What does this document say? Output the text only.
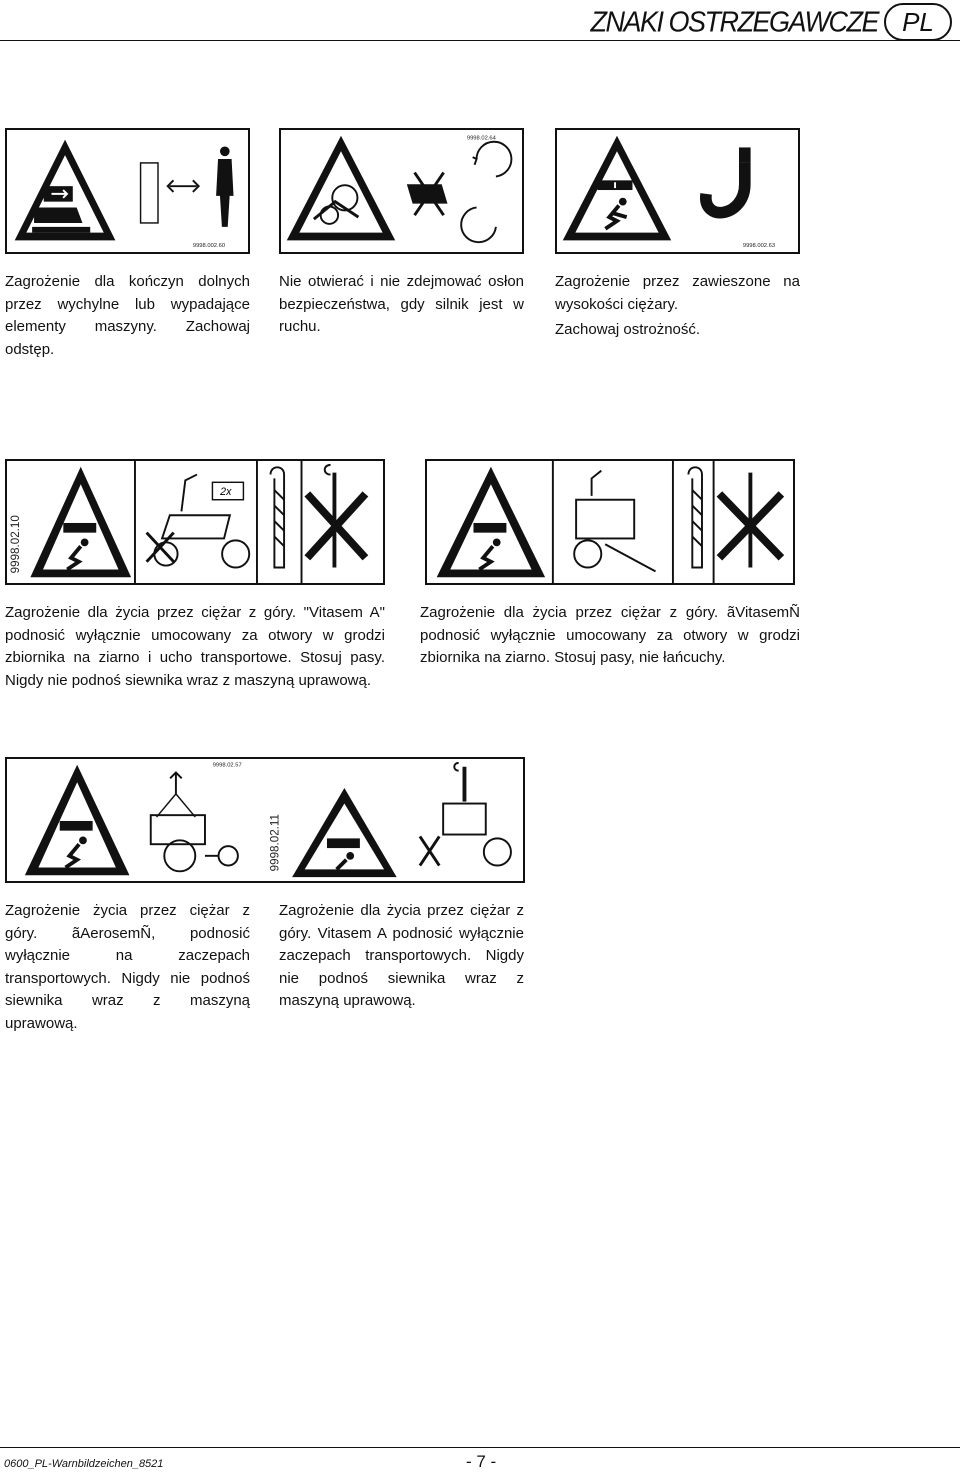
ZNAKI OSTRZEGAWCZE PL
9998.002.60

Zagrożenie dla kończyn dolnych przez wychylne lub wypadające elementy maszyny. Zachowaj odstęp.

9998.02.64

Nie otwierać i nie zdejmować osłon bezpieczeństwa, gdy silnik jest w ruchu.

9998.002.63

Zagrożenie przez zawieszone na wysokości ciężary.

Zachowaj ostrożność.

9998.02.10
2x

Zagrożenie dla życia przez ciężar z góry. "Vitasem A" podnosić wyłącznie umocowany za otwory w grodzi zbiornika na ziarno i ucho transportowe. Stosuj pasy. Nigdy nie podnoś siewnika wraz z maszyną uprawową.

Zagrożenie dla życia przez ciężar z góry. ãVitasemÑ podnosić wyłącznie umocowany za otwory w grodzi zbiornika na ziarno. Stosuj pasy, nie łańcuchy.

9998.02.57
9998.02.11

Zagrożenie życia przez ciężar z góry. ãAerosemÑ, podnosić wyłącznie na zaczepach transportowych. Nigdy nie podnoś siewnika wraz z maszyną uprawową.

Zagrożenie dla życia przez ciężar z góry. Vitasem A podnosić wyłącznie zaczepach transportowych. Nigdy nie podnoś siewnika wraz z maszyną uprawową.

0600_PL-Warnbildzeichen_8521	- 7 -
